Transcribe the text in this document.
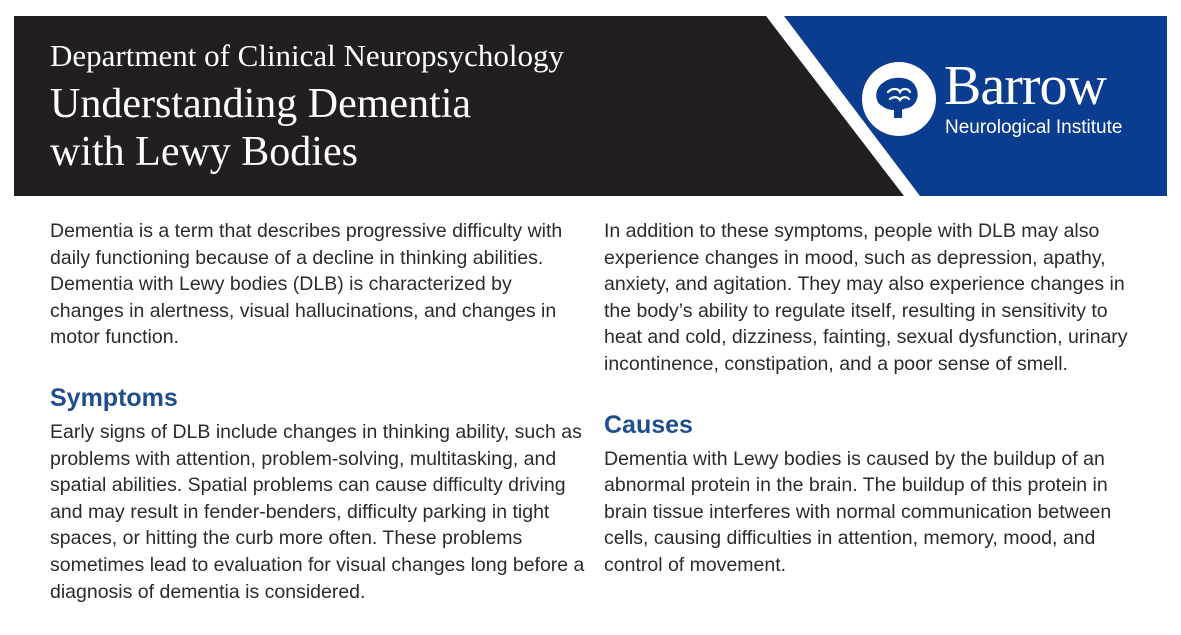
Department of Clinical Neuropsychology
Understanding Dementia
with Lewy Bodies
Barrow
Neurological Institute

Dementia is a term that describes progressive difficulty with daily functioning because of a decline in thinking abilities. Dementia with Lewy bodies (DLB) is characterized by changes in alertness, visual hallucinations, and changes in motor function.

Symptoms

Early signs of DLB include changes in thinking ability, such as problems with attention, problem-solving, multitasking, and spatial abilities. Spatial problems can cause difficulty driving and may result in fender-benders, difficulty parking in tight spaces, or hitting the curb more often. These problems sometimes lead to evaluation for visual changes long before a diagnosis of dementia is considered.

In addition to these symptoms, people with DLB may also experience changes in mood, such as depression, apathy, anxiety, and agitation. They may also experience changes in the body’s ability to regulate itself, resulting in sensitivity to heat and cold, dizziness, fainting, sexual dysfunction, urinary incontinence, constipation, and a poor sense of smell.

Causes

Dementia with Lewy bodies is caused by the buildup of an abnormal protein in the brain. The buildup of this protein in brain tissue interferes with normal communication between cells, causing difficulties in attention, memory, mood, and control of movement.
